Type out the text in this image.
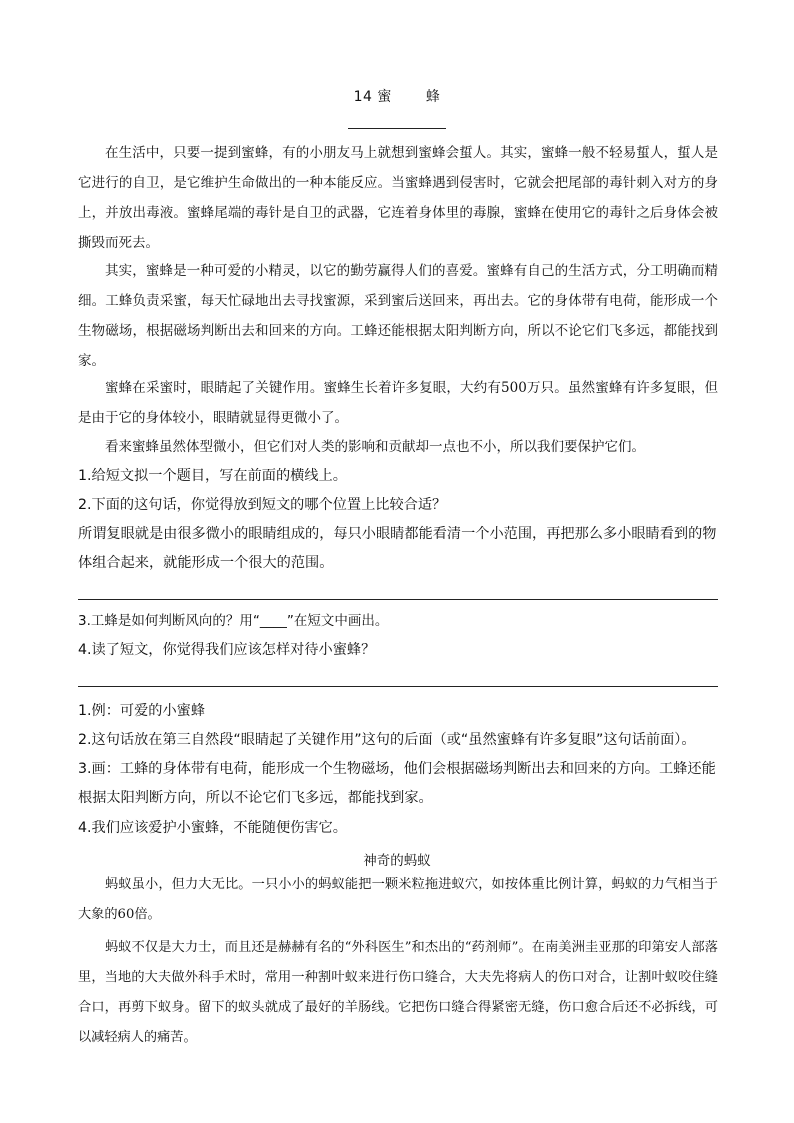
14 蜜 蜂

在生活中，只要一提到蜜蜂，有的小朋友马上就想到蜜蜂会蜇人。其实，蜜蜂一般不轻易蜇人，蜇人是它进行的自卫，是它维护生命做出的一种本能反应。当蜜蜂遇到侵害时，它就会把尾部的毒针刺入对方的身上，并放出毒液。蜜蜂尾端的毒针是自卫的武器，它连着身体里的毒腺，蜜蜂在使用它的毒针之后身体会被撕毁而死去。

其实，蜜蜂是一种可爱的小精灵，以它的勤劳赢得人们的喜爱。蜜蜂有自己的生活方式，分工明确而精细。工蜂负责采蜜，每天忙碌地出去寻找蜜源，采到蜜后送回来，再出去。它的身体带有电荷，能形成一个生物磁场，根据磁场判断出去和回来的方向。工蜂还能根据太阳判断方向，所以不论它们飞多远，都能找到家。

蜜蜂在采蜜时，眼睛起了关键作用。蜜蜂生长着许多复眼，大约有500万只。虽然蜜蜂有许多复眼，但是由于它的身体较小，眼睛就显得更微小了。

看来蜜蜂虽然体型微小，但它们对人类的影响和贡献却一点也不小，所以我们要保护它们。

1.给短文拟一个题目，写在前面的横线上。

2.下面的这句话，你觉得放到短文的哪个位置上比较合适？

所谓复眼就是由很多微小的眼睛组成的，每只小眼睛都能看清一个小范围，再把那么多小眼睛看到的物体组合起来，就能形成一个很大的范围。

3.工蜂是如何判断风向的？用“____”在短文中画出。

4.读了短文，你觉得我们应该怎样对待小蜜蜂？

1.例：可爱的小蜜蜂

2.这句话放在第三自然段“眼睛起了关键作用”这句的后面（或“虽然蜜蜂有许多复眼”这句话前面）。

3.画：工蜂的身体带有电荷，能形成一个生物磁场，他们会根据磁场判断出去和回来的方向。工蜂还能根据太阳判断方向，所以不论它们飞多远，都能找到家。

4.我们应该爱护小蜜蜂，不能随便伤害它。

神奇的蚂蚁

蚂蚁虽小，但力大无比。一只小小的蚂蚁能把一颗米粒拖进蚁穴，如按体重比例计算，蚂蚁的力气相当于大象的60倍。

蚂蚁不仅是大力士，而且还是赫赫有名的“外科医生”和杰出的“药剂师”。在南美洲圭亚那的印第安人部落里，当地的大夫做外科手术时，常用一种割叶蚁来进行伤口缝合，大夫先将病人的伤口对合，让割叶蚁咬住缝合口，再剪下蚁身。留下的蚁头就成了最好的羊肠线。它把伤口缝合得紧密无缝，伤口愈合后还不必拆线，可以减轻病人的痛苦。
